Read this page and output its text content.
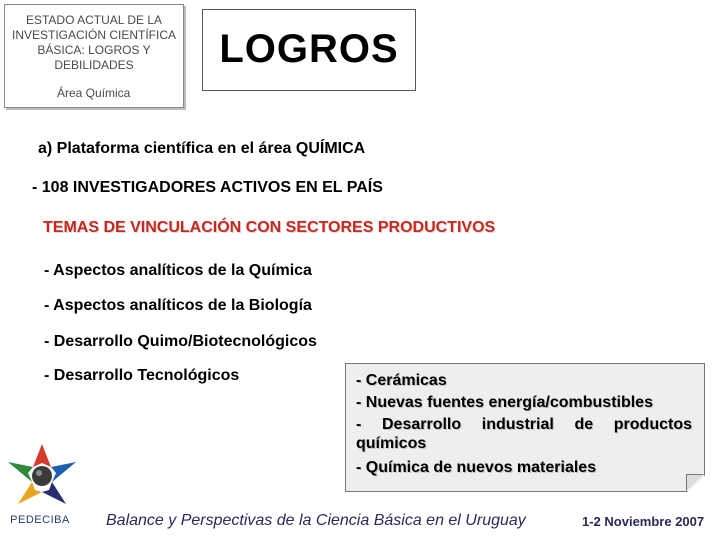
ESTADO ACTUAL DE LA INVESTIGACIÓN CIENTÍFICA BÁSICA: LOGROS Y DEBILIDADES
Área Química
LOGROS
a) Plataforma científica en el área QUÍMICA
- 108 INVESTIGADORES ACTIVOS EN EL PAÍS
TEMAS DE VINCULACIÓN CON SECTORES PRODUCTIVOS
- Aspectos analíticos de la Química
- Aspectos analíticos de la Biología
- Desarrollo Quimo/Biotecnológicos
- Desarrollo Tecnológicos	- Cerámicas
- Nuevas fuentes energía/combustibles
- Desarrollo industrial de productos químicos
- Química de nuevos materiales
PEDECIBA	Balance y Perspectivas de la Ciencia Básica en el Uruguay	1-2 Noviembre 2007
